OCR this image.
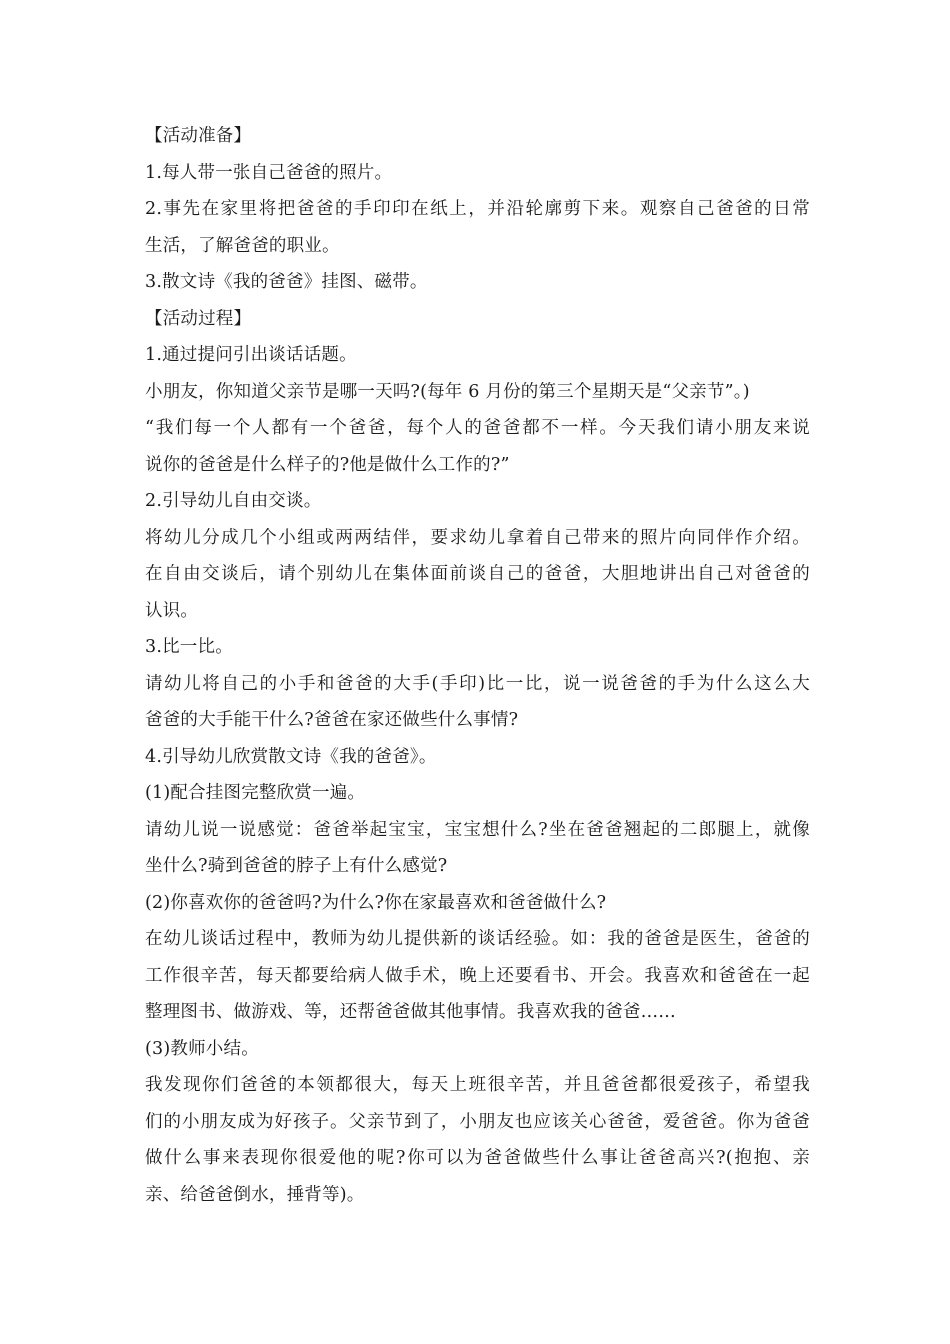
【活动准备】
1.每人带一张自己爸爸的照片。
2.事先在家里将把爸爸的手印印在纸上，并沿轮廓剪下来。观察自己爸爸的日常
生活，了解爸爸的职业。
3.散文诗《我的爸爸》挂图、磁带。
【活动过程】
1.通过提问引出谈话话题。
小朋友，你知道父亲节是哪一天吗?(每年 6 月份的第三个星期天是“父亲节”。)
“我们每一个人都有一个爸爸，每个人的爸爸都不一样。今天我们请小朋友来说
说你的爸爸是什么样子的?他是做什么工作的?”
2.引导幼儿自由交谈。
将幼儿分成几个小组或两两结伴，要求幼儿拿着自己带来的照片向同伴作介绍。
在自由交谈后，请个别幼儿在集体面前谈自己的爸爸，大胆地讲出自己对爸爸的
认识。
3.比一比。
请幼儿将自己的小手和爸爸的大手(手印)比一比，说一说爸爸的手为什么这么大
爸爸的大手能干什么?爸爸在家还做些什么事情?
4.引导幼儿欣赏散文诗《我的爸爸》。
(1)配合挂图完整欣赏一遍。
请幼儿说一说感觉：爸爸举起宝宝，宝宝想什么?坐在爸爸翘起的二郎腿上，就像
坐什么?骑到爸爸的脖子上有什么感觉?
(2)你喜欢你的爸爸吗?为什么?你在家最喜欢和爸爸做什么?
在幼儿谈话过程中，教师为幼儿提供新的谈话经验。如：我的爸爸是医生，爸爸的
工作很辛苦，每天都要给病人做手术，晚上还要看书、开会。我喜欢和爸爸在一起
整理图书、做游戏、等，还帮爸爸做其他事情。我喜欢我的爸爸……
(3)教师小结。
我发现你们爸爸的本领都很大，每天上班很辛苦，并且爸爸都很爱孩子，希望我
们的小朋友成为好孩子。父亲节到了，小朋友也应该关心爸爸，爱爸爸。你为爸爸
做什么事来表现你很爱他的呢?你可以为爸爸做些什么事让爸爸高兴?(抱抱、亲
亲、给爸爸倒水，捶背等)。
